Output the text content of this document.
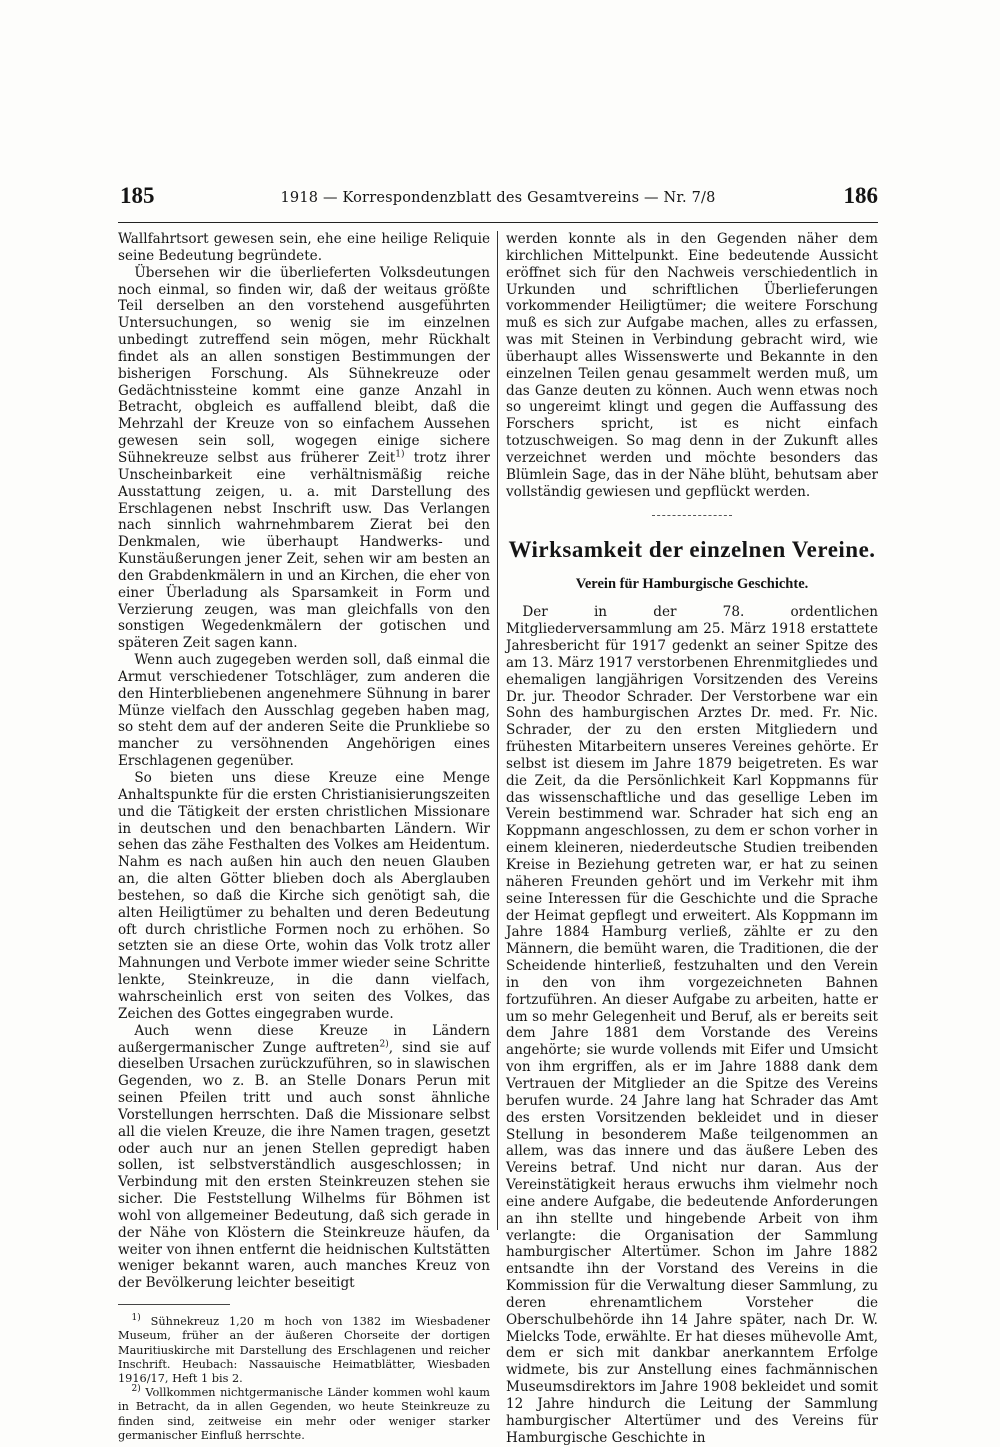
185	1918 — Korrespondenzblatt des Gesamtvereins — Nr. 7/8	186

Wallfahrtsort gewesen sein, ehe eine heilige Reliquie seine Bedeutung begründete.

Übersehen wir die überlieferten Volksdeutungen noch einmal, so finden wir, daß der weitaus größte Teil derselben an den vorstehend ausgeführten Untersuchungen, so wenig sie im einzelnen unbedingt zutreffend sein mögen, mehr Rückhalt findet als an allen sonstigen Bestimmungen der bisherigen Forschung. Als Sühnekreuze oder Gedächtnissteine kommt eine ganze Anzahl in Betracht, obgleich es auffallend bleibt, daß die Mehrzahl der Kreuze von so einfachem Aussehen gewesen sein soll, wogegen einige sichere Sühnekreuze selbst aus früherer Zeit$^{1)}$ trotz ihrer Unscheinbarkeit eine verhältnismäßig reiche Ausstattung zeigen, u. a. mit Darstellung des Erschlagenen nebst Inschrift usw. Das Verlangen nach sinnlich wahrnehmbarem Zierat bei den Denkmalen, wie überhaupt Handwerks- und Kunstäußerungen jener Zeit, sehen wir am besten an den Grabdenkmälern in und an Kirchen, die eher von einer Überladung als Sparsamkeit in Form und Verzierung zeugen, was man gleichfalls von den sonstigen Wegedenkmälern der gotischen und späteren Zeit sagen kann.

Wenn auch zugegeben werden soll, daß einmal die Armut verschiedener Totschläger, zum anderen die den Hinterbliebenen angenehmere Sühnung in barer Münze vielfach den Ausschlag gegeben haben mag, so steht dem auf der anderen Seite die Prunkliebe so mancher zu versöhnenden Angehörigen eines Erschlagenen gegenüber.

So bieten uns diese Kreuze eine Menge Anhaltspunkte für die ersten Christianisierungszeiten und die Tätigkeit der ersten christlichen Missionare in deutschen und den benachbarten Ländern. Wir sehen das zähe Festhalten des Volkes am Heidentum. Nahm es nach außen hin auch den neuen Glauben an, die alten Götter blieben doch als Aberglauben bestehen, so daß die Kirche sich genötigt sah, die alten Heiligtümer zu behalten und deren Bedeutung oft durch christliche Formen noch zu erhöhen. So setzten sie an diese Orte, wohin das Volk trotz aller Mahnungen und Verbote immer wieder seine Schritte lenkte, Steinkreuze, in die dann vielfach, wahrscheinlich erst von seiten des Volkes, das Zeichen des Gottes eingegraben wurde.

Auch wenn diese Kreuze in Ländern außergermanischer Zunge auftreten$^{2)}$, sind sie auf dieselben Ursachen zurückzuführen, so in slawischen Gegenden, wo z. B. an Stelle Donars Perun mit seinen Pfeilen tritt und auch sonst ähnliche Vorstellungen herrschten. Daß die Missionare selbst all die vielen Kreuze, die ihre Namen tragen, gesetzt oder auch nur an jenen Stellen gepredigt haben sollen, ist selbstverständlich ausgeschlossen; in Verbindung mit den ersten Steinkreuzen stehen sie sicher. Die Feststellung Wilhelms für Böhmen ist wohl von allgemeiner Bedeutung, daß sich gerade in der Nähe von Klöstern die Steinkreuze häufen, da weiter von ihnen entfernt die heidnischen Kultstätten weniger bekannt waren, auch manches Kreuz von der Bevölkerung leichter beseitigt

$^{1)}$ Sühnekreuz 1,20 m hoch von 1382 im Wiesbadener Museum, früher an der äußeren Chorseite der dortigen Mauritiuskirche mit Darstellung des Erschlagenen und reicher Inschrift. Heubach: Nassauische Heimatblätter, Wiesbaden 1916/17, Heft 1 bis 2.

$^{2)}$ Vollkommen nichtgermanische Länder kommen wohl kaum in Betracht, da in allen Gegenden, wo heute Steinkreuze zu finden sind, zeitweise ein mehr oder weniger starker germanischer Einfluß herrschte.

werden konnte als in den Gegenden näher dem kirchlichen Mittelpunkt. Eine bedeutende Aussicht eröffnet sich für den Nachweis verschiedentlich in Urkunden und schriftlichen Überlieferungen vorkommender Heiligtümer; die weitere Forschung muß es sich zur Aufgabe machen, alles zu erfassen, was mit Steinen in Verbindung gebracht wird, wie überhaupt alles Wissenswerte und Bekannte in den einzelnen Teilen genau gesammelt werden muß, um das Ganze deuten zu können. Auch wenn etwas noch so ungereimt klingt und gegen die Auffassung des Forschers spricht, ist es nicht einfach totzuschweigen. So mag denn in der Zukunft alles verzeichnet werden und möchte besonders das Blümlein Sage, das in der Nähe blüht, behutsam aber vollständig gewiesen und gepflückt werden.

Wirksamkeit der einzelnen Vereine.
Verein für Hamburgische Geschichte.

Der in der 78. ordentlichen Mitgliederversammlung am 25. März 1918 erstattete Jahresbericht für 1917 gedenkt an seiner Spitze des am 13. März 1917 verstorbenen Ehrenmitgliedes und ehemaligen langjährigen Vorsitzenden des Vereins Dr. jur. Theodor Schrader. Der Verstorbene war ein Sohn des hamburgischen Arztes Dr. med. Fr. Nic. Schrader, der zu den ersten Mitgliedern und frühesten Mitarbeitern unseres Vereines gehörte. Er selbst ist diesem im Jahre 1879 beigetreten. Es war die Zeit, da die Persönlichkeit Karl Koppmanns für das wissenschaftliche und das gesellige Leben im Verein bestimmend war. Schrader hat sich eng an Koppmann angeschlossen, zu dem er schon vorher in einem kleineren, niederdeutsche Studien treibenden Kreise in Beziehung getreten war, er hat zu seinen näheren Freunden gehört und im Verkehr mit ihm seine Interessen für die Geschichte und die Sprache der Heimat gepflegt und erweitert. Als Koppmann im Jahre 1884 Hamburg verließ, zählte er zu den Männern, die bemüht waren, die Traditionen, die der Scheidende hinterließ, festzuhalten und den Verein in den von ihm vorgezeichneten Bahnen fortzuführen. An dieser Aufgabe zu arbeiten, hatte er um so mehr Gelegenheit und Beruf, als er bereits seit dem Jahre 1881 dem Vorstande des Vereins angehörte; sie wurde vollends mit Eifer und Umsicht von ihm ergriffen, als er im Jahre 1888 dank dem Vertrauen der Mitglieder an die Spitze des Vereins berufen wurde. 24 Jahre lang hat Schrader das Amt des ersten Vorsitzenden bekleidet und in dieser Stellung in besonderem Maße teilgenommen an allem, was das innere und das äußere Leben des Vereins betraf. Und nicht nur daran. Aus der Vereinstätigkeit heraus erwuchs ihm vielmehr noch eine andere Aufgabe, die bedeutende Anforderungen an ihn stellte und hingebende Arbeit von ihm verlangte: die Organisation der Sammlung hamburgischer Altertümer. Schon im Jahre 1882 entsandte ihn der Vorstand des Vereins in die Kommission für die Verwaltung dieser Sammlung, zu deren ehrenamtlichem Vorsteher die Oberschulbehörde ihn 14 Jahre später, nach Dr. W. Mielcks Tode, erwählte. Er hat dieses mühevolle Amt, dem er sich mit dankbar anerkanntem Erfolge widmete, bis zur Anstellung eines fachmännischen Museumsdirektors im Jahre 1908 bekleidet und somit 12 Jahre hindurch die Leitung der Sammlung hamburgischer Altertümer und des Vereins für Hamburgische Geschichte in
